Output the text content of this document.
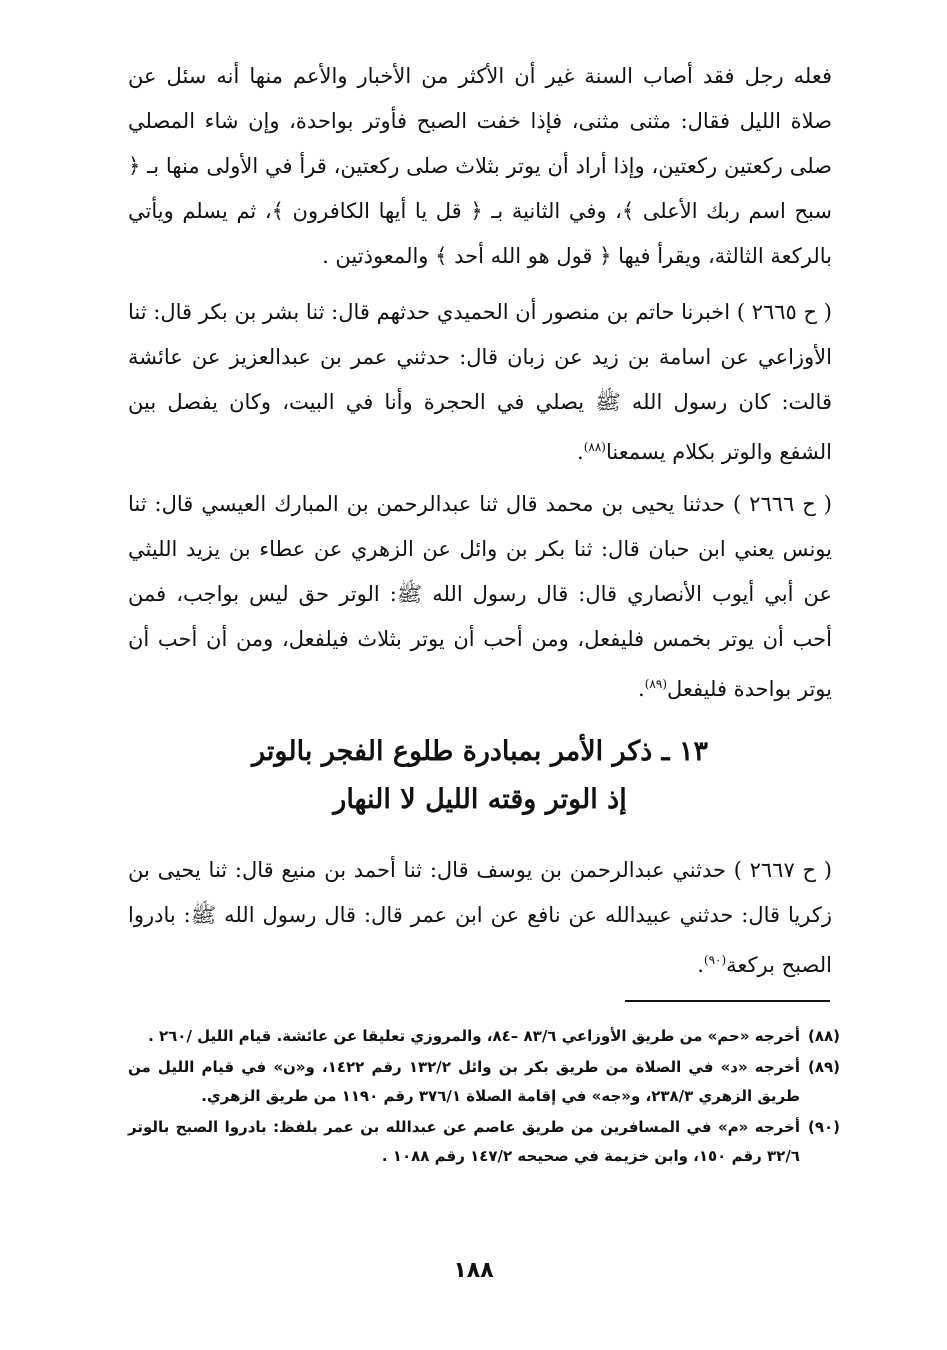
فعله رجل فقد أصاب السنة غير أن الأكثر من الأخبار والأعم منها أنه سئل عن صلاة الليل فقال: مثنى مثنى، فإذا خفت الصبح فأوتر بواحدة، وإن شاء المصلي صلى ركعتين ركعتين، وإذا أراد أن يوتر بثلاث صلى ركعتين، قرأ في الأولى منها بـ ﴿ سبح اسم ربك الأعلى ﴾، وفي الثانية بـ ﴿ قل يا أيها الكافرون ﴾، ثم يسلم ويأتي بالركعة الثالثة، ويقرأ فيها ﴿ قول هو الله أحد ﴾ والمعوذتين .

( ح ٢٦٦٥ ) اخبرنا حاتم بن منصور أن الحميدي حدثهم قال: ثنا بشر بن بكر قال: ثنا الأوزاعي عن اسامة بن زيد عن زبان قال: حدثني عمر بن عبدالعزيز عن عائشة قالت: كان رسول الله ﷺ يصلي في الحجرة وأنا في البيت، وكان يفصل بين الشفع والوتر بكلام يسمعنا$^{(٨٨)}$.

( ح ٢٦٦٦ ) حدثنا يحيى بن محمد قال ثنا عبدالرحمن بن المبارك العيسي قال: ثنا يونس يعني ابن حبان قال: ثنا بكر بن وائل عن الزهري عن عطاء بن يزيد الليثي عن أبي أيوب الأنصاري قال: قال رسول الله ﷺ: الوتر حق ليس بواجب، فمن أحب أن يوتر بخمس فليفعل، ومن أحب أن يوتر بثلاث فيلفعل، ومن أن أحب أن يوتر بواحدة فليفعل$^{(٨٩)}$.

١٣ ـ ذكر الأمر بمبادرة طلوع الفجر بالوتر
إذ الوتر وقته الليل لا النهار

( ح ٢٦٦٧ ) حدثني عبدالرحمن بن يوسف قال: ثنا أحمد بن منيع قال: ثنا يحيى بن زكريا قال: حدثني عبيدالله عن نافع عن ابن عمر قال: قال رسول الله ﷺ: بادروا الصبح بركعة$^{(٩٠)}$.

(٨٨)
أخرجه «حم» من طريق الأوزاعي ٨٣/٦ –٨٤، والمروزي تعليقا عن عائشة. قيام الليل /٢٦٠ .
(٨٩)
أخرجه «د» في الصلاة من طريق بكر بن وائل ١٣٢/٢ رقم ١٤٢٢، و«ن» في قيام الليل من طريق الزهري ٢٣٨/٣، و«جه» في إقامة الصلاة ٣٧٦/١ رقم ١١٩٠ من طريق الزهري.
(٩٠)
أخرجه «م» في المسافرين من طريق عاصم عن عبدالله بن عمر بلفظ: بادروا الصبح بالوتر ٣٢/٦ رقم ١٥٠، وابن خزيمة في صحيحه ١٤٧/٢ رقم ١٠٨٨ .
١٨٨
